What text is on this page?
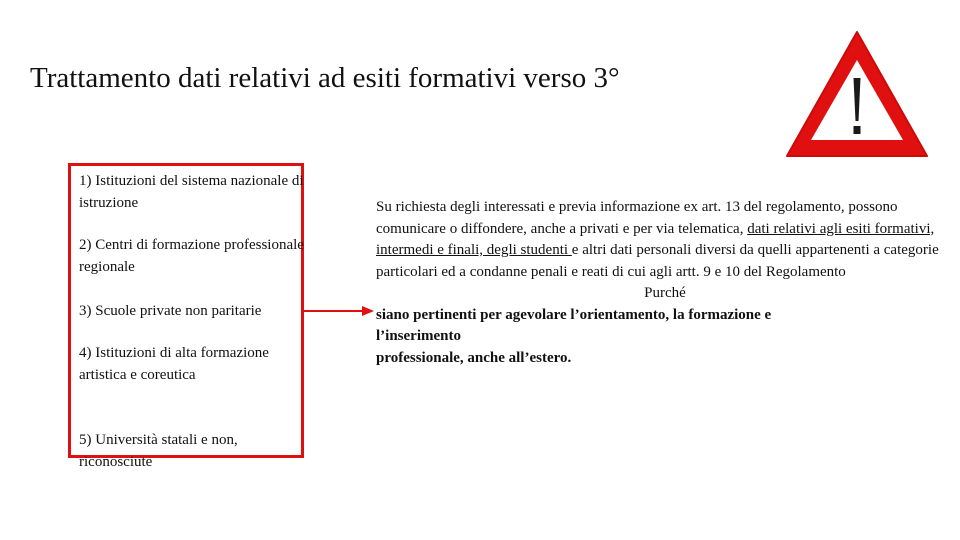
Trattamento dati relativi ad esiti formativi verso 3°

1) Istituzioni del sistema nazionale di istruzione

2) Centri di formazione professionale regionale

3) Scuole private non paritarie

4) Istituzioni di alta formazione artistica e coreutica

5) Università statali e non, riconosciute

Su richiesta degli interessati e previa informazione ex art. 13 del regolamento, possono comunicare o diffondere, anche a privati e per via telematica, dati relativi agli esiti formativi, intermedi e finali, degli studenti e altri dati personali diversi da quelli appartenenti a categorie particolari ed a condanne penali e reati di cui agli artt. 9 e 10 del Regolamento

Purché

siano pertinenti per agevolare l’orientamento, la formazione e

l’inserimento

professionale, anche all’estero.
